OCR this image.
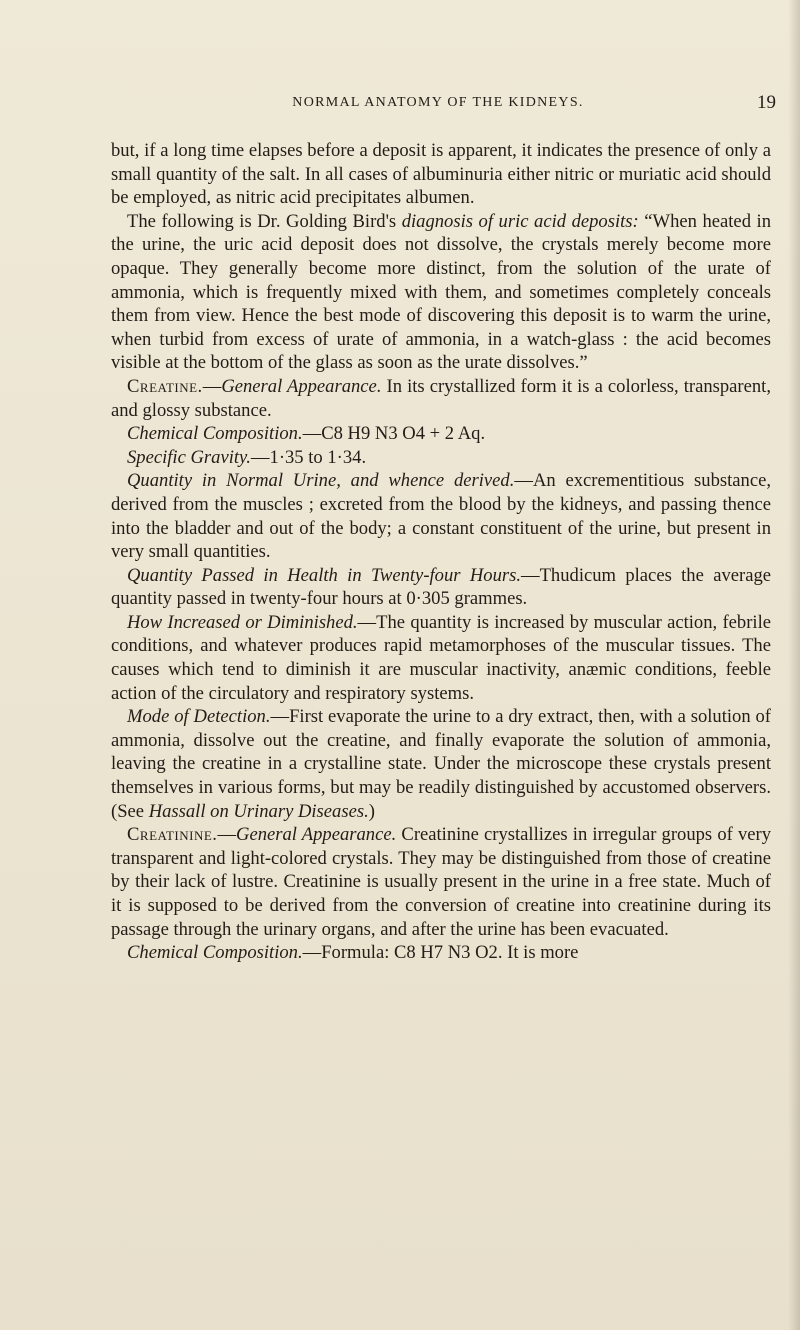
NORMAL ANATOMY OF THE KIDNEYS.	19

but, if a long time elapses before a deposit is apparent, it indicates the presence of only a small quantity of the salt. In all cases of albuminuria either nitric or muriatic acid should be employed, as nitric acid precipitates albumen.

The following is Dr. Golding Bird's diagnosis of uric acid deposits: “When heated in the urine, the uric acid deposit does not dissolve, the crystals merely become more opaque. They generally become more distinct, from the solution of the urate of ammonia, which is frequently mixed with them, and sometimes completely conceals them from view. Hence the best mode of discovering this deposit is to warm the urine, when turbid from excess of urate of ammonia, in a watch-glass : the acid becomes visible at the bottom of the glass as soon as the urate dissolves.”

Creatine.—General Appearance. In its crystallized form it is a colorless, transparent, and glossy substance.

Chemical Composition.—C8 H9 N3 O4 + 2 Aq.

Specific Gravity.—1·35 to 1·34.

Quantity in Normal Urine, and whence derived.—An excrementitious substance, derived from the muscles ; excreted from the blood by the kidneys, and passing thence into the bladder and out of the body; a constant constituent of the urine, but present in very small quantities.

Quantity Passed in Health in Twenty-four Hours.—Thudicum places the average quantity passed in twenty-four hours at 0·305 grammes.

How Increased or Diminished.—The quantity is increased by muscular action, febrile conditions, and whatever produces rapid metamorphoses of the muscular tissues. The causes which tend to diminish it are muscular inactivity, anæmic conditions, feeble action of the circulatory and respiratory systems.

Mode of Detection.—First evaporate the urine to a dry extract, then, with a solution of ammonia, dissolve out the creatine, and finally evaporate the solution of ammonia, leaving the creatine in a crystalline state. Under the microscope these crystals present themselves in various forms, but may be readily distinguished by accustomed observers. (See Hassall on Urinary Diseases.)

Creatinine.—General Appearance. Creatinine crystallizes in irregular groups of very transparent and light-colored crystals. They may be distinguished from those of creatine by their lack of lustre. Creatinine is usually present in the urine in a free state. Much of it is supposed to be derived from the conversion of creatine into creatinine during its passage through the urinary organs, and after the urine has been evacuated.

Chemical Composition.—Formula: C8 H7 N3 O2. It is more
